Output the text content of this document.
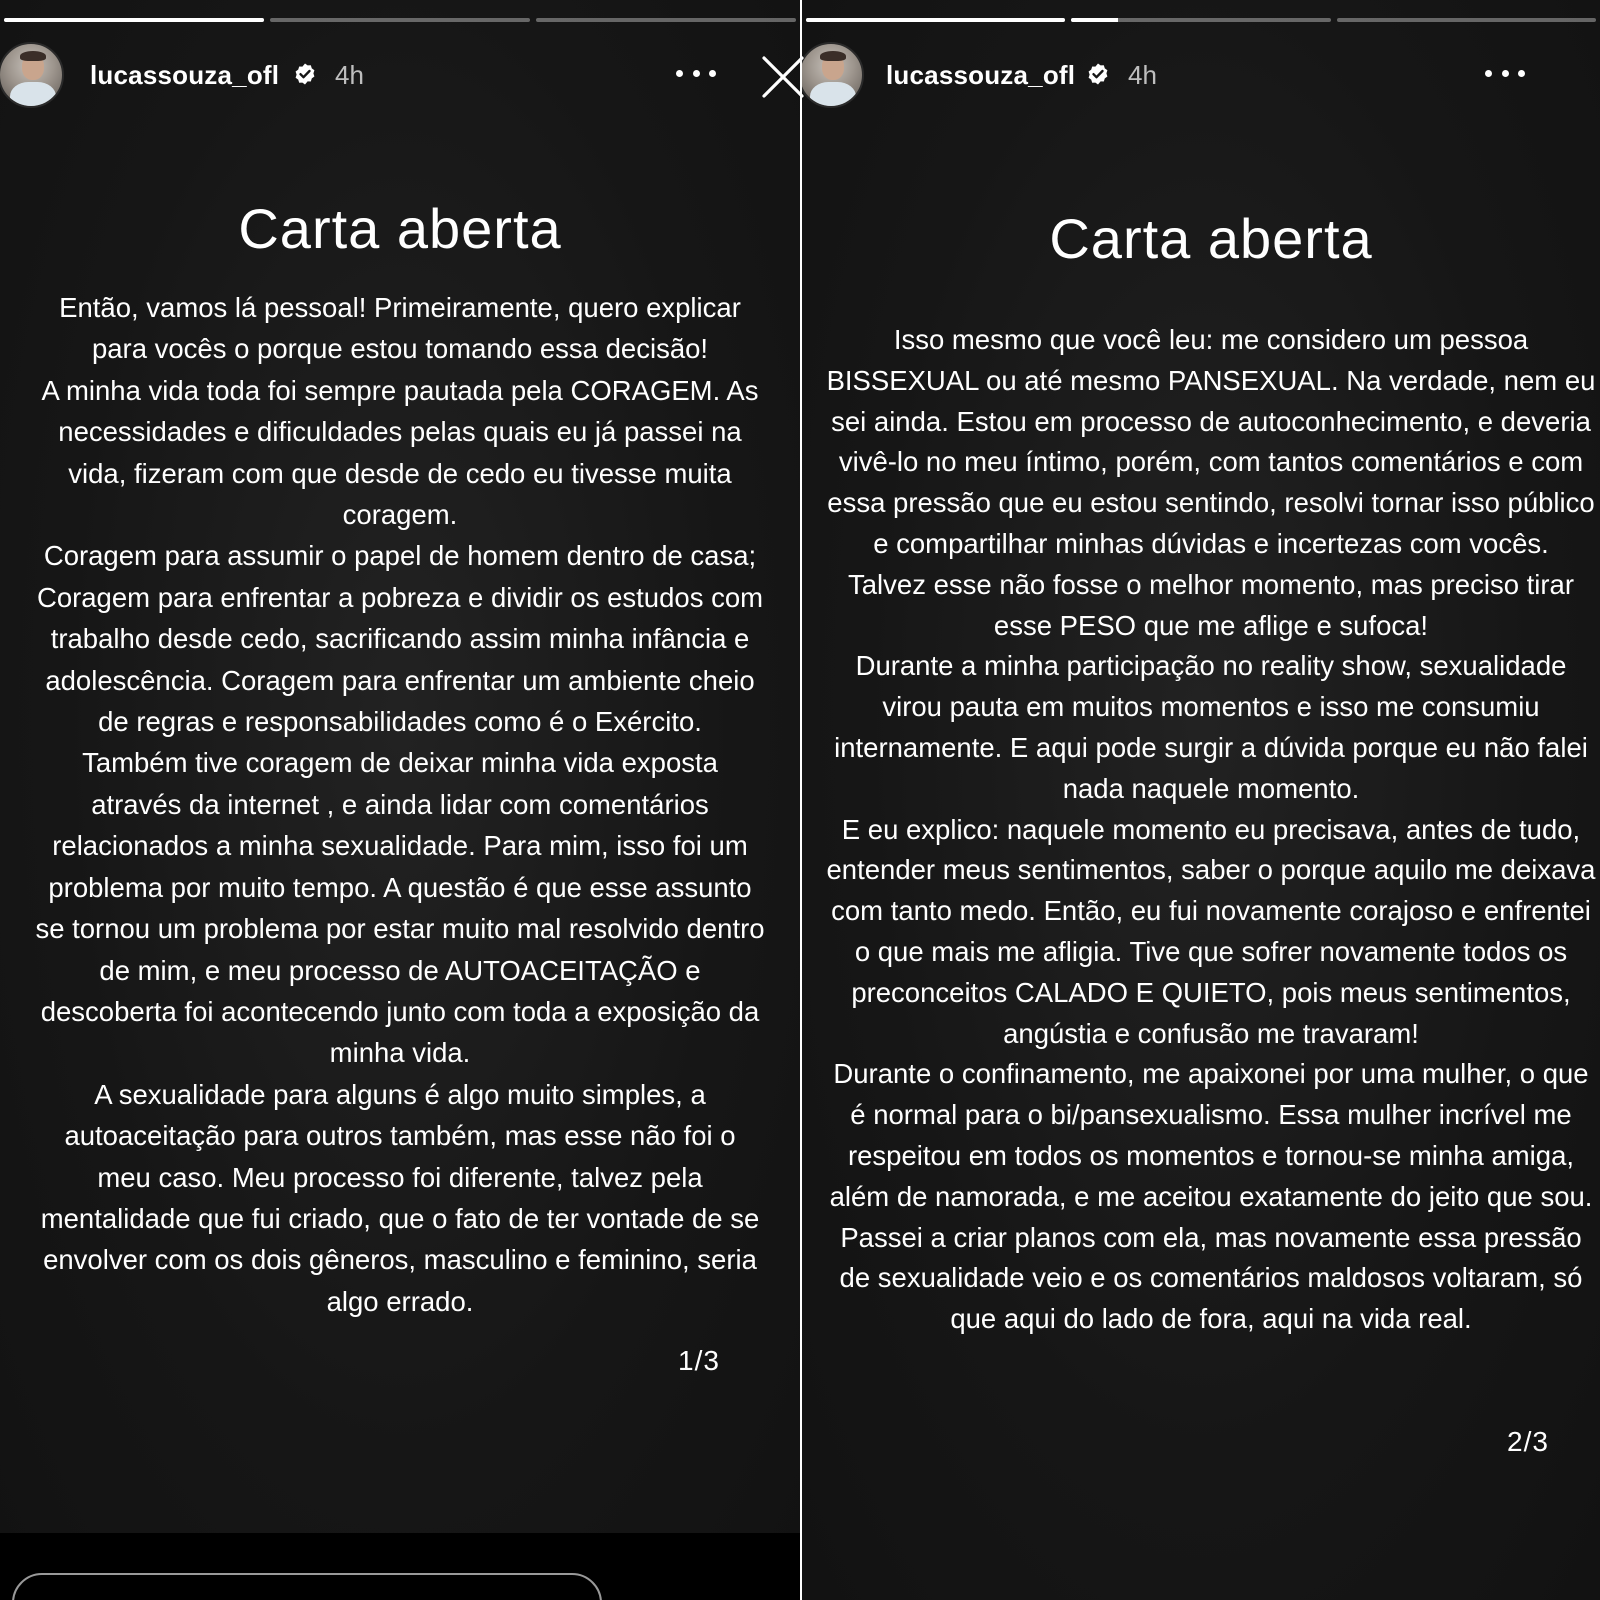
lucassouza_ofl 4h
Carta aberta
Então, vamos lá pessoal! Primeiramente, quero explicar
para vocês o porque estou tomando essa decisão!
A minha vida toda foi sempre pautada pela CORAGEM. As
necessidades e dificuldades pelas quais eu já passei na
vida, fizeram com que desde de cedo eu tivesse muita
coragem.
Coragem para assumir o papel de homem dentro de casa;
Coragem para enfrentar a pobreza e dividir os estudos com
trabalho desde cedo, sacrificando assim minha infância e
adolescência. Coragem para enfrentar um ambiente cheio
de regras e responsabilidades como é o Exército.
Também tive coragem de deixar minha vida exposta
através da internet , e ainda lidar com comentários
relacionados a minha sexualidade. Para mim, isso foi um
problema por muito tempo. A questão é que esse assunto
se tornou um problema por estar muito mal resolvido dentro
de mim, e meu processo de AUTOACEITAÇÃO e
descoberta foi acontecendo junto com toda a exposição da
minha vida.
A sexualidade para alguns é algo muito simples, a
autoaceitação para outros também, mas esse não foi o
meu caso. Meu processo foi diferente, talvez pela
mentalidade que fui criado, que o fato de ter vontade de se
envolver com os dois gêneros, masculino e feminino, seria
algo errado.
1/3
lucassouza_ofl 4h
Carta aberta
Isso mesmo que você leu: me considero um pessoa
BISSEXUAL ou até mesmo PANSEXUAL. Na verdade, nem eu
sei ainda. Estou em processo de autoconhecimento, e deveria
vivê-lo no meu íntimo, porém, com tantos comentários e com
essa pressão que eu estou sentindo, resolvi tornar isso público
e compartilhar minhas dúvidas e incertezas com vocês.
Talvez esse não fosse o melhor momento, mas preciso tirar
esse PESO que me aflige e sufoca!
Durante a minha participação no reality show, sexualidade
virou pauta em muitos momentos e isso me consumiu
internamente. E aqui pode surgir a dúvida porque eu não falei
nada naquele momento.
E eu explico: naquele momento eu precisava, antes de tudo,
entender meus sentimentos, saber o porque aquilo me deixava
com tanto medo. Então, eu fui novamente corajoso e enfrentei
o que mais me afligia. Tive que sofrer novamente todos os
preconceitos CALADO E QUIETO, pois meus sentimentos,
angústia e confusão me travaram!
Durante o confinamento, me apaixonei por uma mulher, o que
é normal para o bi/pansexualismo. Essa mulher incrível me
respeitou em todos os momentos e tornou-se minha amiga,
além de namorada, e me aceitou exatamente do jeito que sou.
Passei a criar planos com ela, mas novamente essa pressão
de sexualidade veio e os comentários maldosos voltaram, só
que aqui do lado de fora, aqui na vida real.
2/3
